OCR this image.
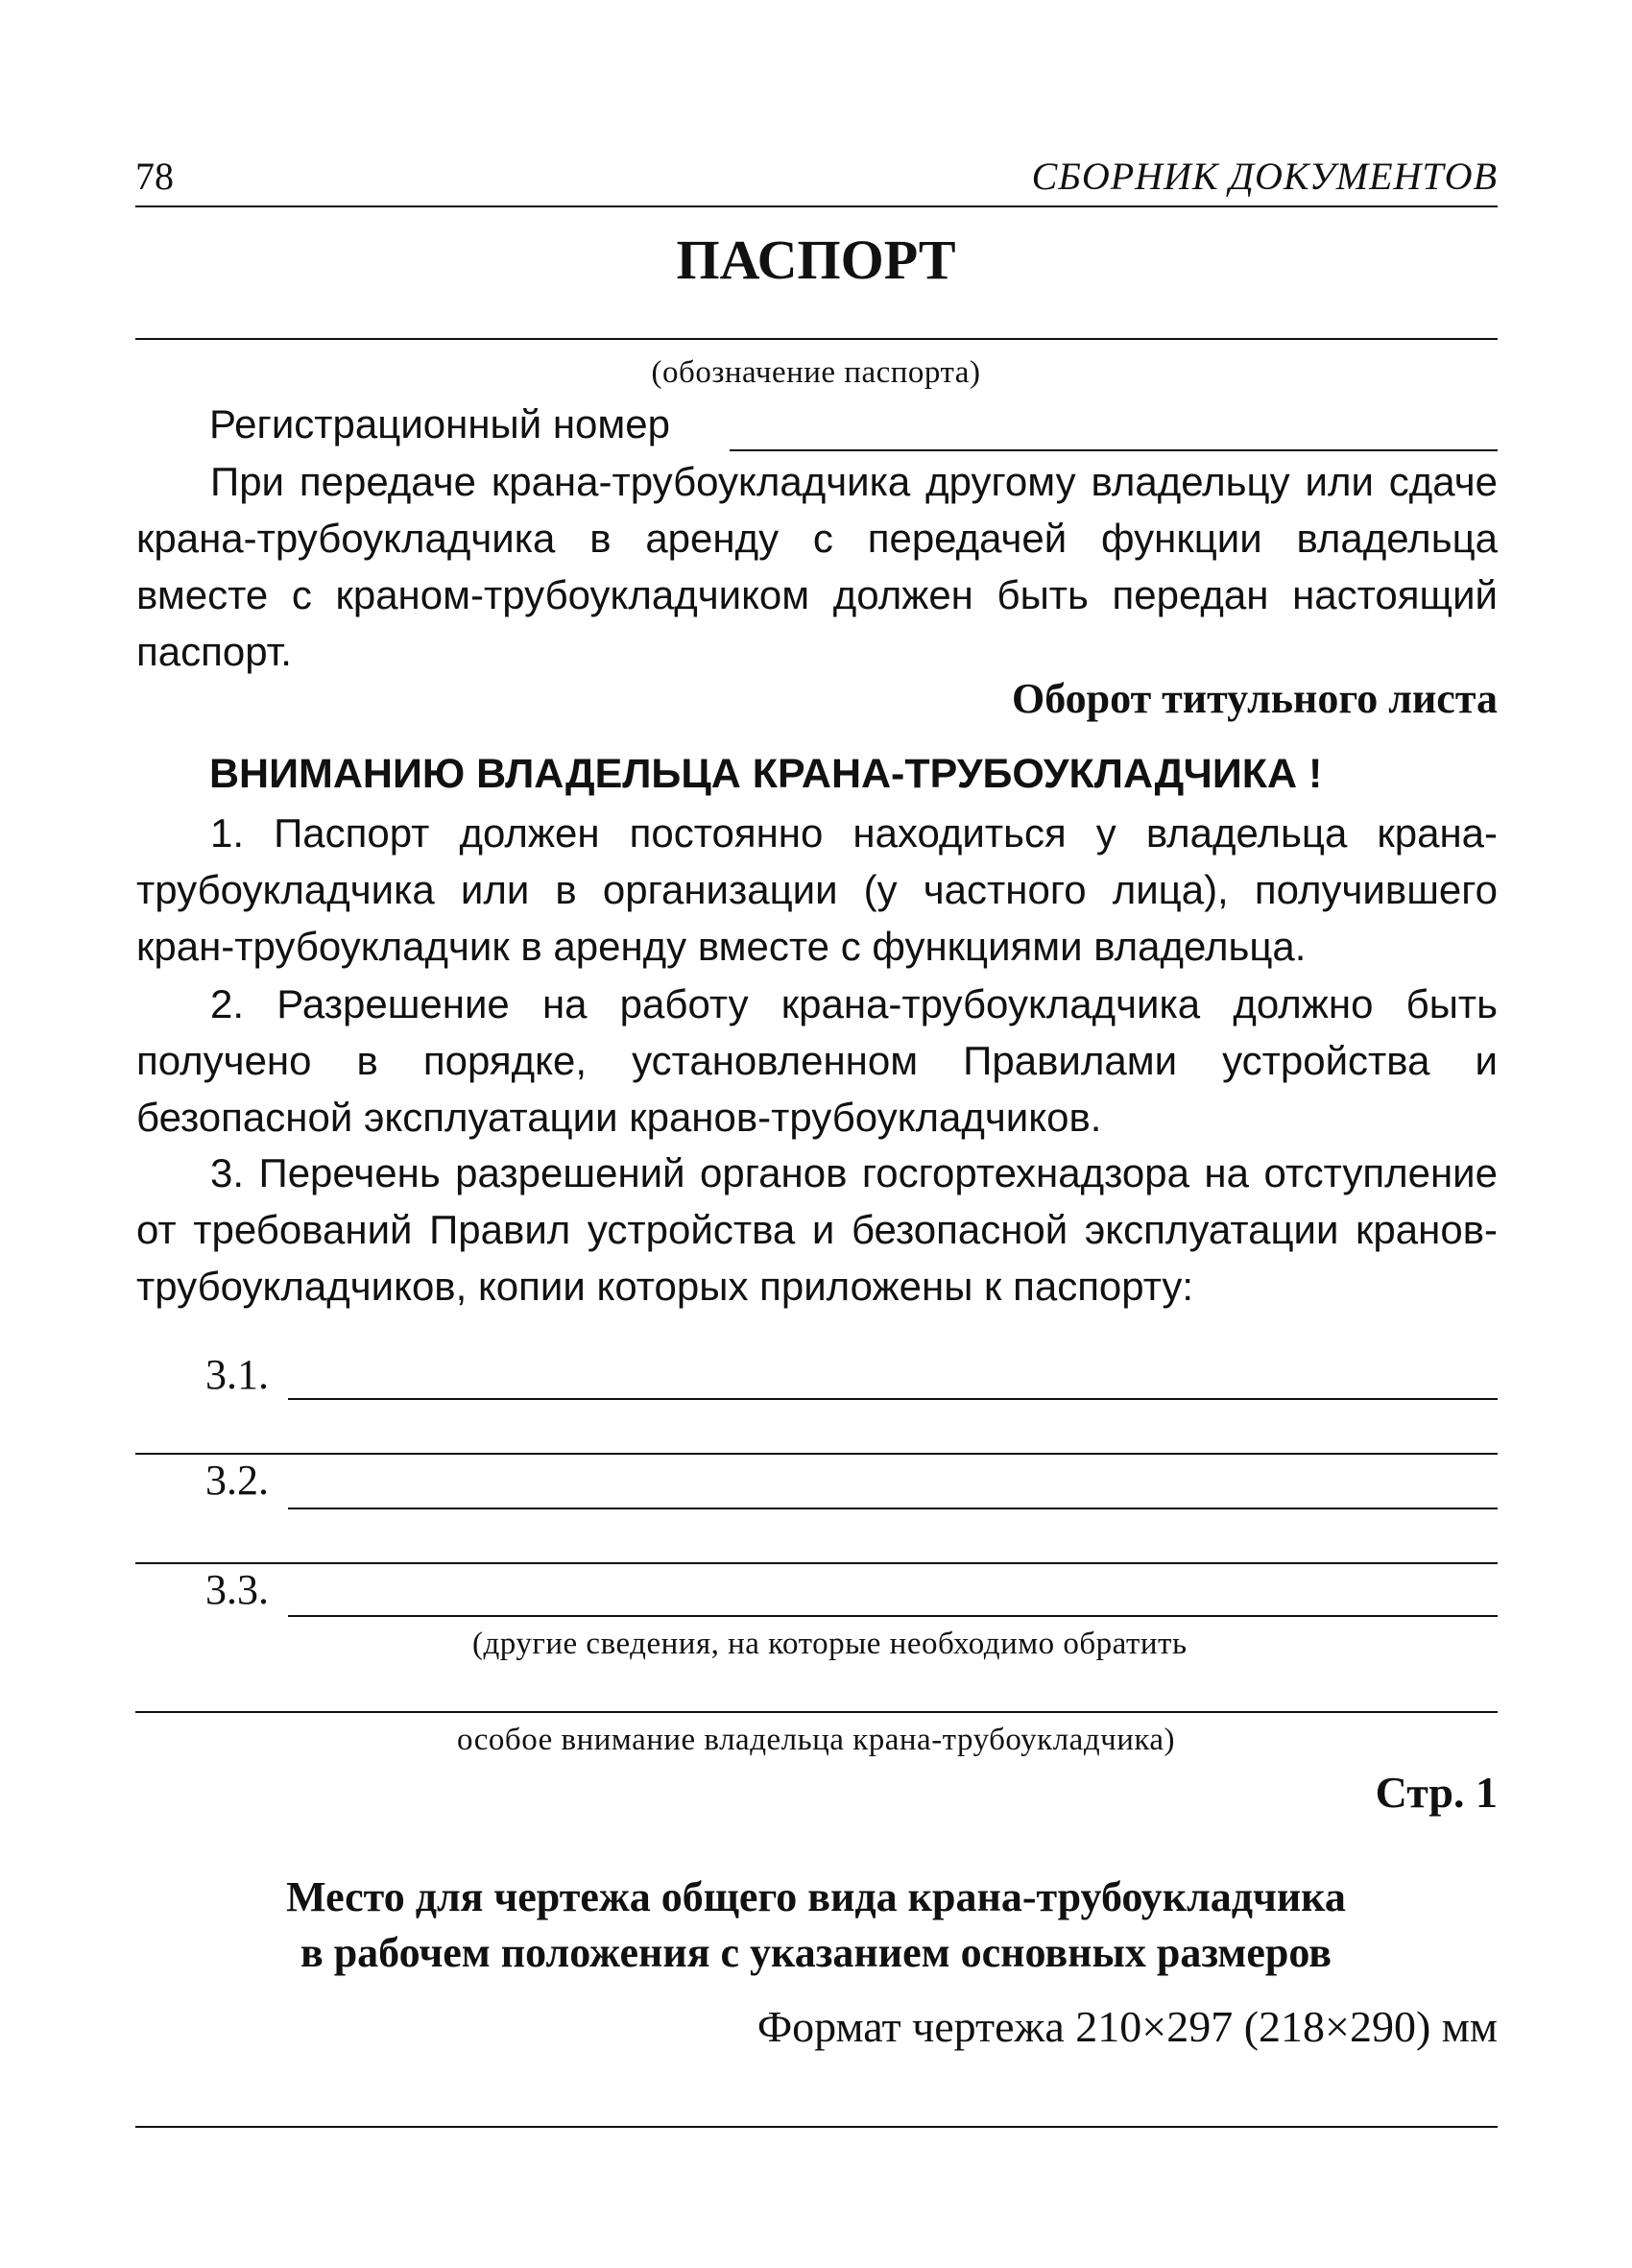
78	СБОРНИК ДОКУМЕНТОВ
ПАСПОРТ
(обозначение паспорта)
Регистрационный номер
При передаче крана-трубоукладчика другому владельцу или сдаче крана-трубоукладчика в аренду с передачей функции владельца вместе с краном-трубоукладчиком должен быть передан настоящий паспорт.
Оборот титульного листа
ВНИМАНИЮ ВЛАДЕЛЬЦА КРАНА-ТРУБОУКЛАДЧИКА !
1. Паспорт должен постоянно находиться у владельца крана-трубоукладчика или в организации (у частного лица), получившего кран-трубоукладчик в аренду вместе с функциями владельца.
2. Разрешение на работу крана-трубоукладчика должно быть получено в порядке, установленном Правилами устройства и безопасной эксплуатации кранов-трубоукладчиков.
3. Перечень разрешений органов госгортехнадзора на отступление от требований Правил устройства и безопасной эксплуатации кранов-трубоукладчиков, копии которых приложены к паспорту:
3.1.
3.2.
3.3.
(другие сведения, на которые необходимо обратить
особое внимание владельца крана-трубоукладчика)
Стр. 1
Место для чертежа общего вида крана-трубоукладчика
в рабочем положения с указанием основных размеров
Формат чертежа 210×297 (218×290) мм
